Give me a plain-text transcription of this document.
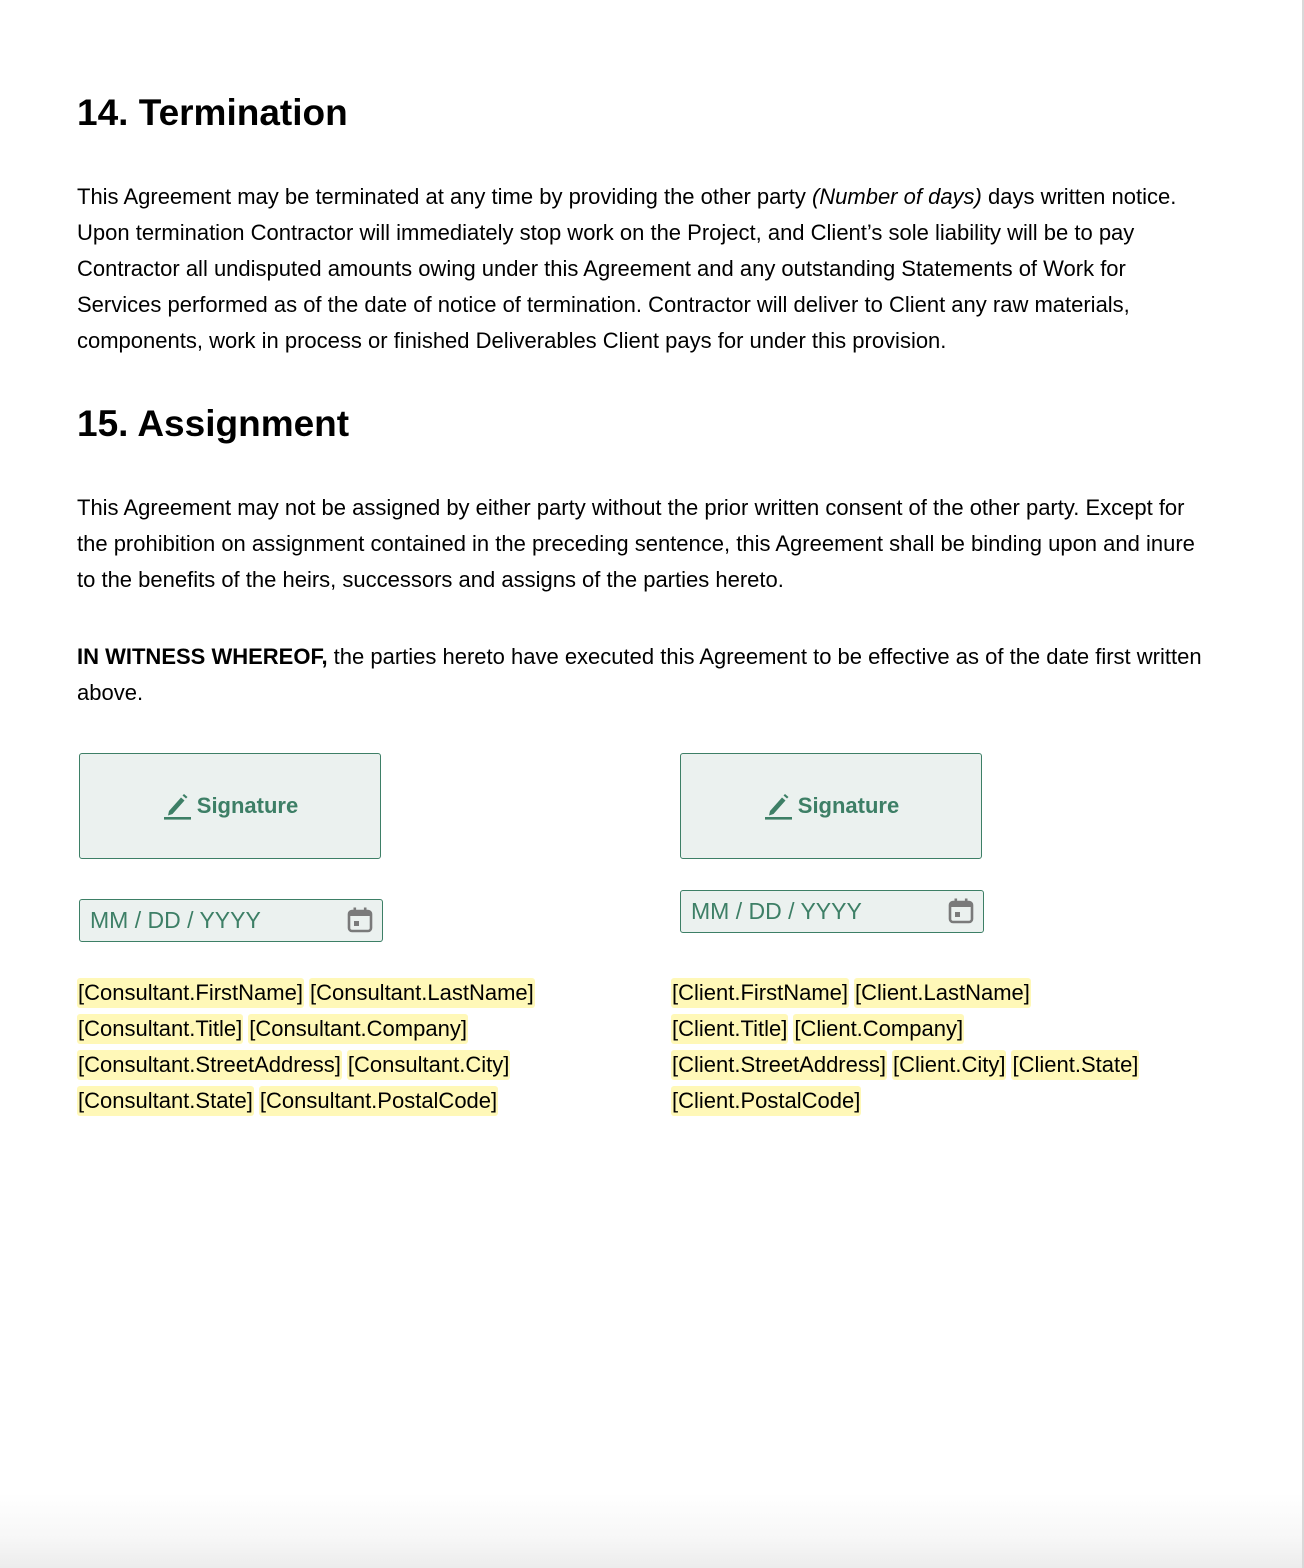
14. Termination

This Agreement may be terminated at any time by providing the other party (Number of days) days written notice. Upon termination Contractor will immediately stop work on the Project, and Client’s sole liability will be to pay Contractor all undisputed amounts owing under this Agreement and any outstanding Statements of Work for Services performed as of the date of notice of termination. Contractor will deliver to Client any raw materials, components, work in process or finished Deliverables Client pays for under this provision.

15. Assignment

This Agreement may not be assigned by either party without the prior written consent of the other party. Except for the prohibition on assignment contained in the preceding sentence, this Agreement shall be binding upon and inure to the benefits of the heirs, successors and assigns of the parties hereto.

IN WITNESS WHEREOF, the parties hereto have executed this Agreement to be effective as of the date first written above.

Signature
MM / DD / YYYY
[Consultant.FirstName] [Consultant.LastName]
[Consultant.Title] [Consultant.Company]
[Consultant.StreetAddress] [Consultant.City]
[Consultant.State] [Consultant.PostalCode]
Signature
MM / DD / YYYY
[Client.FirstName] [Client.LastName]
[Client.Title] [Client.Company]
[Client.StreetAddress] [Client.City] [Client.State]
[Client.PostalCode]
